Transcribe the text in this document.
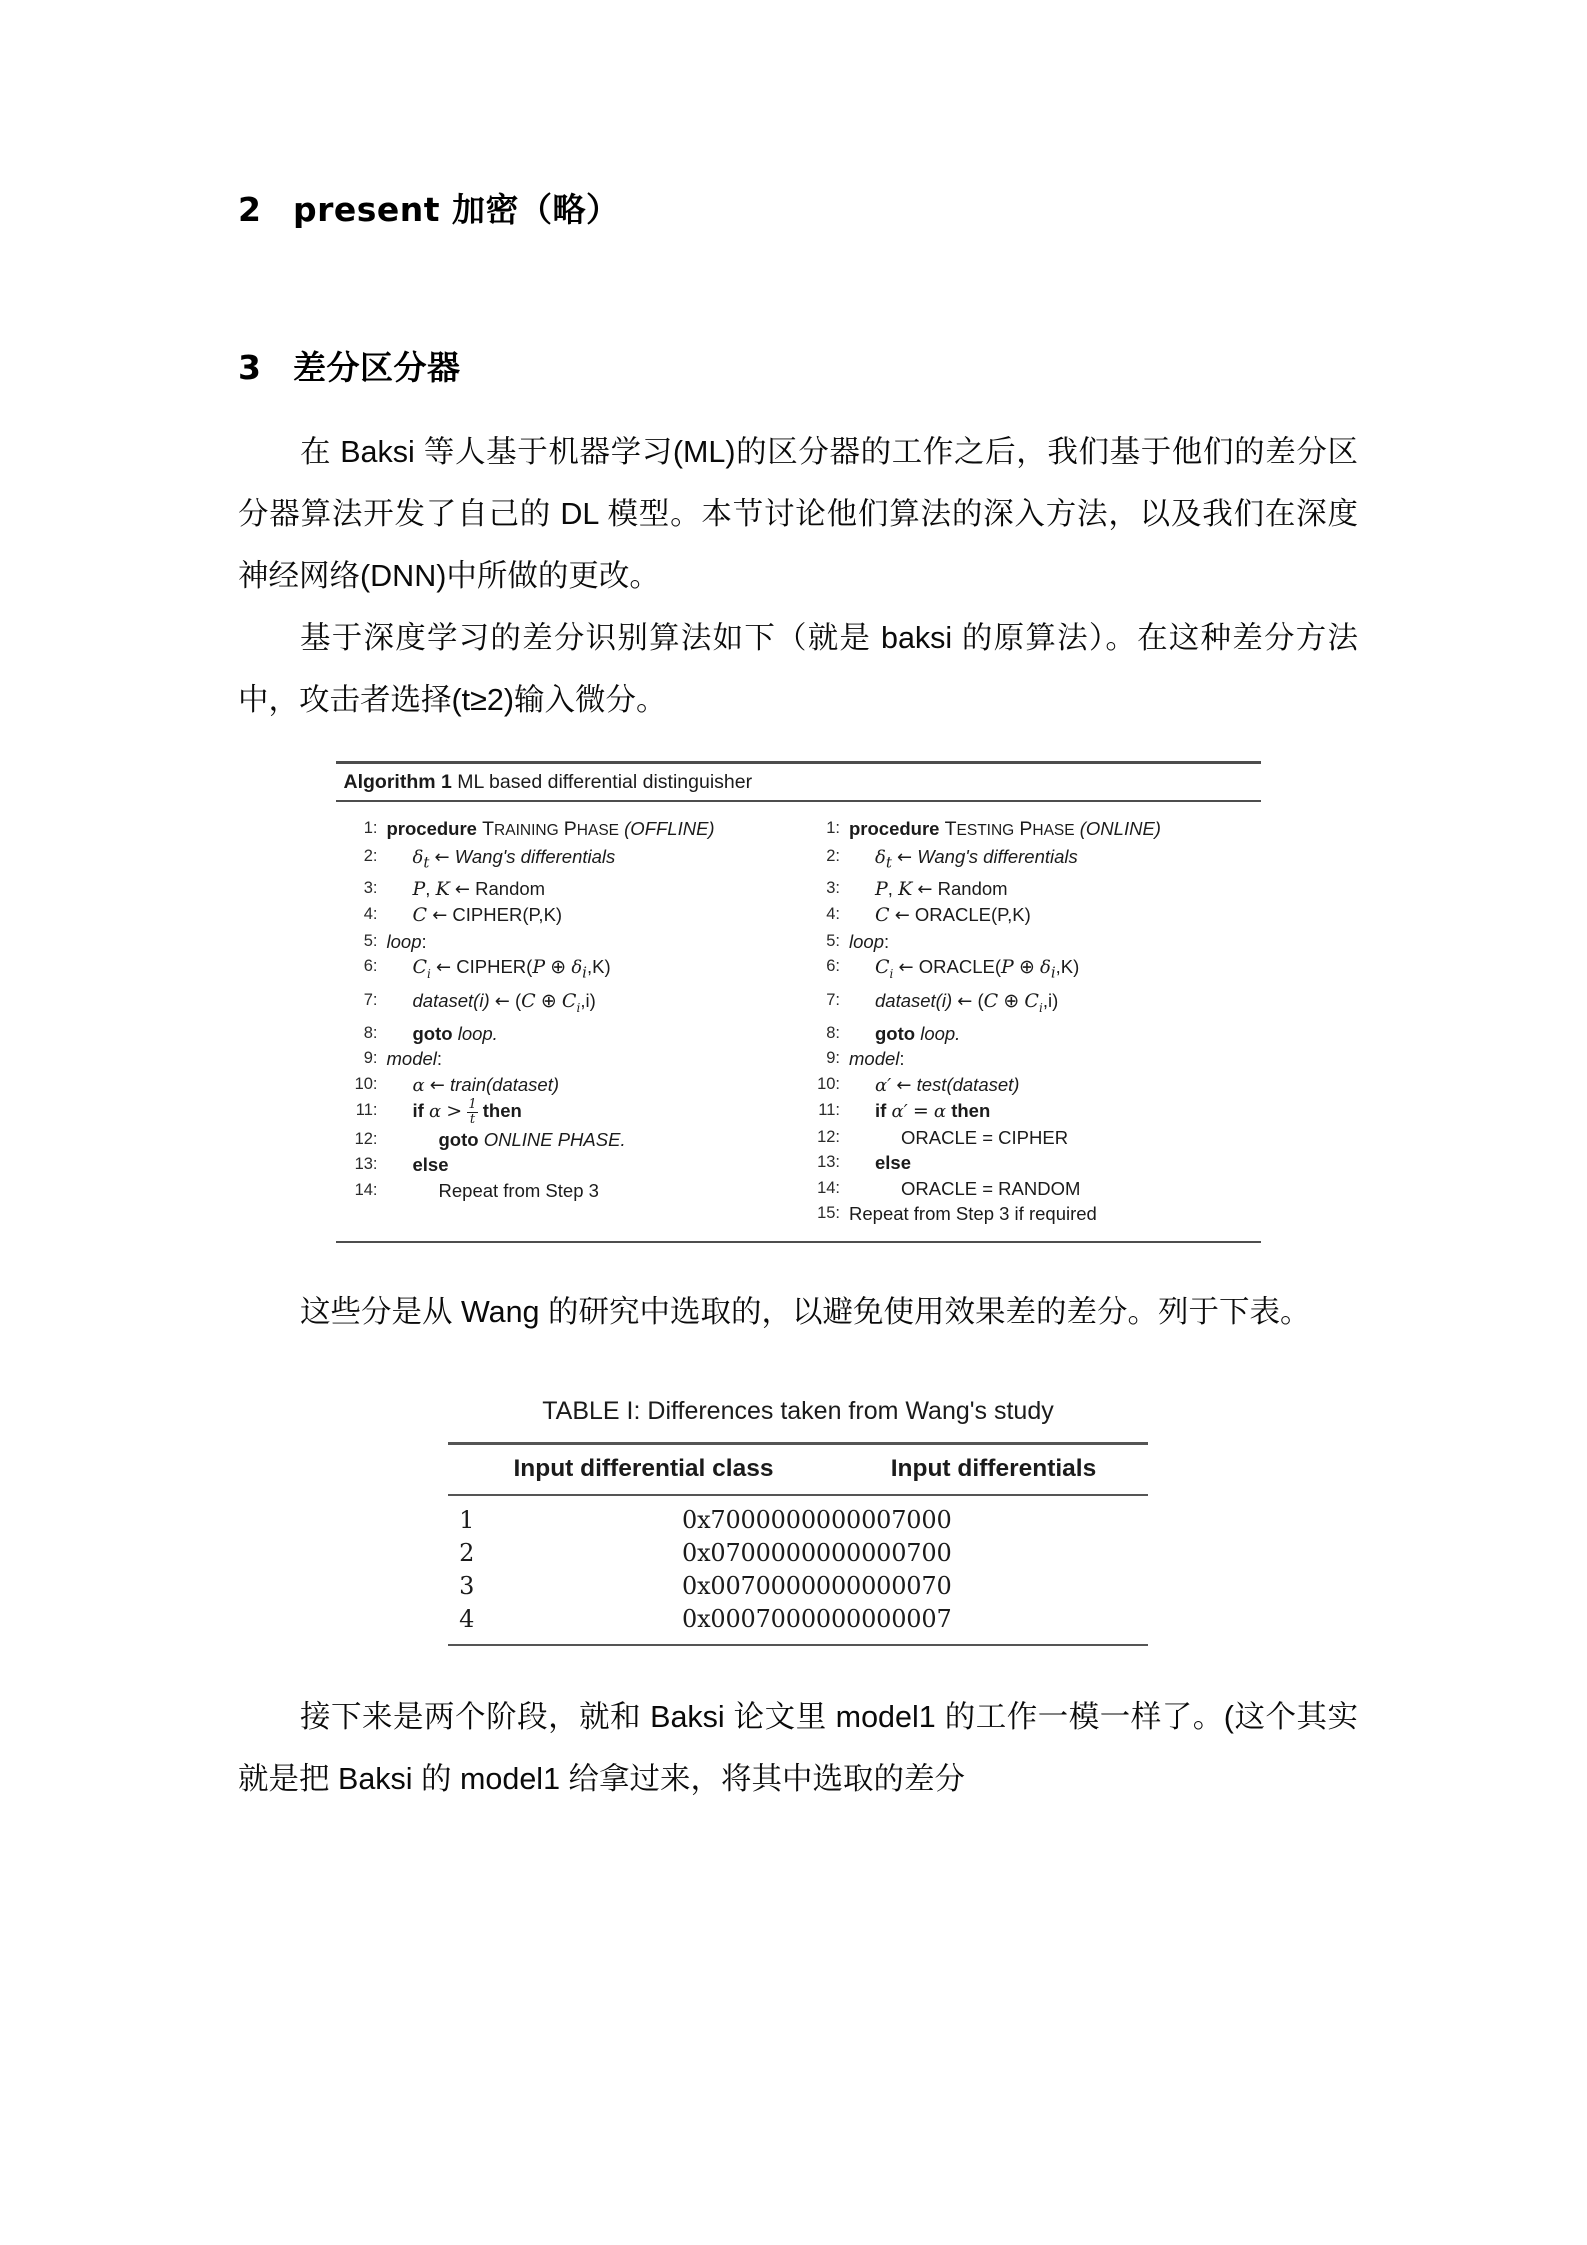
2 present 加密（略）
3 差分区分器

在 Baksi 等人基于机器学习(ML)的区分器的工作之后，我们基于他们的差分区分器算法开发了自己的 DL 模型。本节讨论他们算法的深入方法，以及我们在深度神经网络(DNN)中所做的更改。

基于深度学习的差分识别算法如下（就是 baksi 的原算法）。在这种差分方法中，攻击者选择(t≥2)输入微分。

Algorithm 1 ML based differential distinguisher
1: procedure TRAINING PHASE (OFFLINE)
2:	$\delta_t$ ← Wang's differentials
3:	P, K ← Random
4:	C ← CIPHER(P,K)
5: loop:
6:	$C_i$ ← CIPHER(P ⊕ $\delta_i,K$)
7:	dataset(i) ← (C ⊕ $C_i,i$)
8:	goto loop.
9: model:
10:	α ← train(dataset)
11:	if $\alpha > \frac{1}{t}$ then
12:	goto ONLINE PHASE.
13:	else
14:	Repeat from Step 3
1: procedure TESTING PHASE (ONLINE)
2:	$\delta_t$ ← Wang's differentials
3:	P, K ← Random
4:	C ← ORACLE(P,K)
5: loop:
6:	$C_i$ ← ORACLE(P ⊕ $\delta_i,K$)
7:	dataset(i) ← (C ⊕ $C_i,i$)
8:	goto loop.
9: model:
10:	α′ ← test(dataset)
11:	if α′ = α then
12:	ORACLE = CIPHER
13:	else
14:	ORACLE = RANDOM
15: Repeat from Step 3 if required

这些分是从 Wang 的研究中选取的，以避免使用效果差的差分。列于下表。

TABLE I: Differences taken from Wang's study
Input differential class	Input differentials
1	0x7000000000007000
2	0x0700000000000700
3	0x0070000000000070
4	0x0007000000000007

接下来是两个阶段，就和 Baksi 论文里 model1 的工作一模一样了。(这个其实就是把 Baksi 的 model1 给拿过来，将其中选取的差分
